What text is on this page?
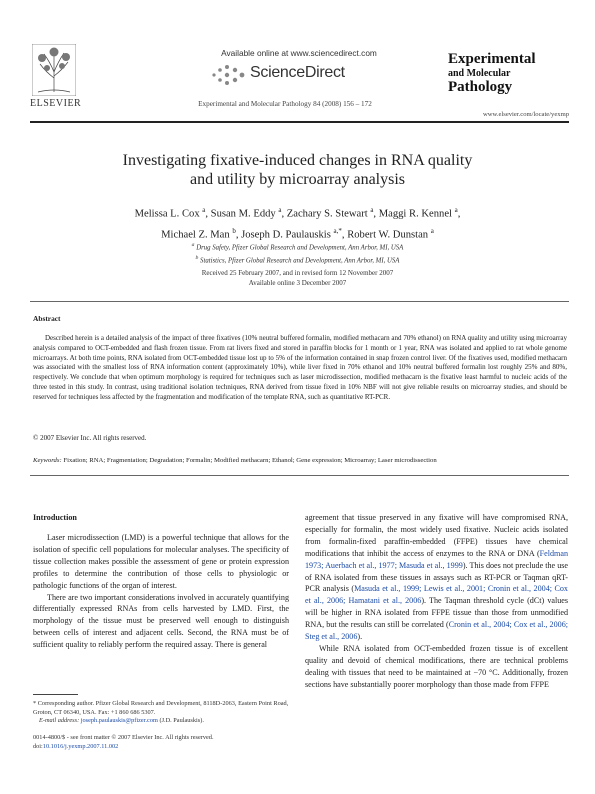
ELSEVIER
Available online at www.sciencedirect.com
ScienceDirect
Experimental and Molecular Pathology 84 (2008) 156 – 172
Experimental
and Molecular
Pathology
www.elsevier.com/locate/yexmp
Investigating fixative-induced changes in RNA quality
and utility by microarray analysis
Melissa L. Cox $^a$, Susan M. Eddy $^a$, Zachary S. Stewart $^a$, Maggi R. Kennel $^a$,
Michael Z. Man $^b$, Joseph D. Paulauskis $^{a,*}$, Robert W. Dunstan $^a$
$^a$ Drug Safety, Pfizer Global Research and Development, Ann Arbor, MI, USA
$^b$ Statistics, Pfizer Global Research and Development, Ann Arbor, MI, USA
Received 25 February 2007, and in revised form 12 November 2007
Available online 3 December 2007
Abstract
Described herein is a detailed analysis of the impact of three fixatives (10% neutral buffered formalin, modified methacarn and 70% ethanol) on RNA quality and utility using microarray analysis compared to OCT-embedded and flash frozen tissue. From rat livers fixed and stored in paraffin blocks for 1 month or 1 year, RNA was isolated and applied to rat whole genome microarrays. At both time points, RNA isolated from OCT-embedded tissue lost up to 5% of the information contained in snap frozen control liver. Of the fixatives used, modified methacarn was associated with the smallest loss of RNA information content (approximately 10%), while liver fixed in 70% ethanol and 10% neutral buffered formalin lost roughly 25% and 80%, respectively. We conclude that when optimum morphology is required for techniques such as laser microdissection, modified methacarn is the fixative least harmful to nucleic acids of the three tested in this study. In contrast, using traditional isolation techniques, RNA derived from tissue fixed in 10% NBF will not give reliable results on microarray studies, and should be reserved for techniques less affected by the fragmentation and modification of the template RNA, such as quantitative RT-PCR.
© 2007 Elsevier Inc. All rights reserved.
Keywords: Fixation; RNA; Fragmentation; Degradation; Formalin; Modified methacarn; Ethanol; Gene expression; Microarray; Laser microdissection
Introduction

Laser microdissection (LMD) is a powerful technique that allows for the isolation of specific cell populations for molecular analyses. The specificity of tissue collection makes possible the assessment of gene or protein expression profiles to determine the contribution of those cells to physiologic or pathologic functions of the organ of interest.

There are two important considerations involved in accurately quantifying differentially expressed RNAs from cells harvested by LMD. First, the morphology of the tissue must be preserved well enough to distinguish between cells of interest and adjacent cells. Second, the RNA must be of sufficient quality to reliably perform the required assay. There is general

agreement that tissue preserved in any fixative will have compromised RNA, especially for formalin, the most widely used fixative. Nucleic acids isolated from formalin-fixed paraffin-embedded (FFPE) tissues have chemical modifications that inhibit the access of enzymes to the RNA or DNA (Feldman 1973; Auerbach et al., 1977; Masuda et al., 1999). This does not preclude the use of RNA isolated from these tissues in assays such as RT-PCR or Taqman qRT-PCR analysis (Masuda et al., 1999; Lewis et al., 2001; Cronin et al., 2004; Cox et al., 2006; Hamatani et al., 2006). The Taqman threshold cycle (dCt) values will be higher in RNA isolated from FFPE tissue than those from unmodified RNA, but the results can still be correlated (Cronin et al., 2004; Cox et al., 2006; Steg et al., 2006).

While RNA isolated from OCT-embedded frozen tissue is of excellent quality and devoid of chemical modifications, there are technical problems dealing with tissues that need to be maintained at −70 °C. Additionally, frozen sections have substantially poorer morphology than those made from FFPE

* Corresponding author. Pfizer Global Research and Development, 8118D-2063, Eastern Point Road, Groton, CT 06340, USA. Fax: +1 860 686 5307.

E-mail address: joseph.paulauskis@pfizer.com (J.D. Paulauskis).

0014-4800/$ - see front matter © 2007 Elsevier Inc. All rights reserved.
doi:10.1016/j.yexmp.2007.11.002
